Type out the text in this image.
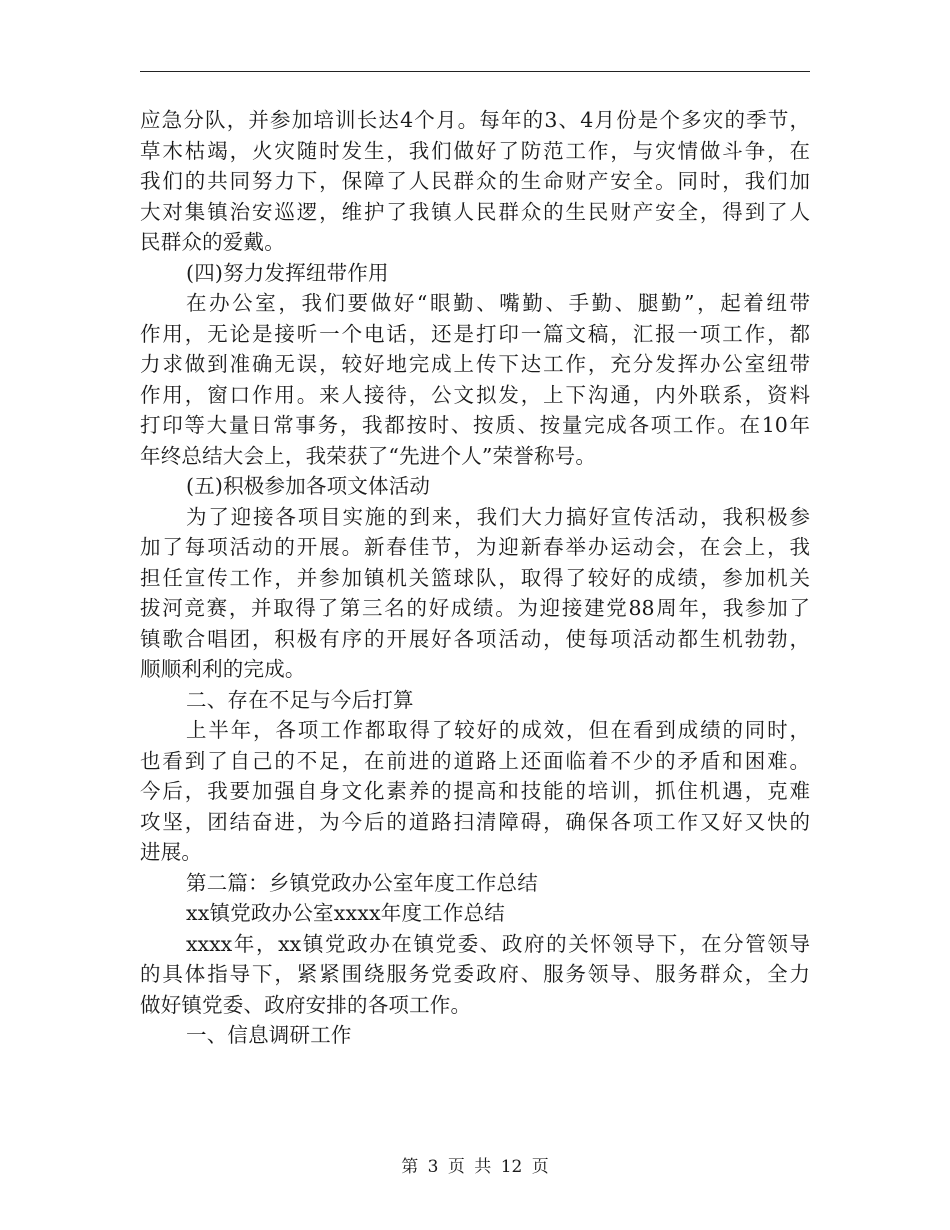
应急分队，并参加培训长达4个月。每年的3、4月份是个多灾的季节，
草木枯竭，火灾随时发生，我们做好了防范工作，与灾情做斗争，在
我们的共同努力下，保障了人民群众的生命财产安全。同时，我们加
大对集镇治安巡逻，维护了我镇人民群众的生民财产安全，得到了人
民群众的爱戴。
(四)努力发挥纽带作用
在办公室，我们要做好“眼勤、嘴勤、手勤、腿勤”，起着纽带
作用，无论是接听一个电话，还是打印一篇文稿，汇报一项工作，都
力求做到准确无误，较好地完成上传下达工作，充分发挥办公室纽带
作用，窗口作用。来人接待，公文拟发，上下沟通，内外联系，资料
打印等大量日常事务，我都按时、按质、按量完成各项工作。在10年
年终总结大会上，我荣获了“先进个人”荣誉称号。
(五)积极参加各项文体活动
为了迎接各项目实施的到来，我们大力搞好宣传活动，我积极参
加了每项活动的开展。新春佳节，为迎新春举办运动会，在会上，我
担任宣传工作，并参加镇机关篮球队，取得了较好的成绩，参加机关
拔河竞赛，并取得了第三名的好成绩。为迎接建党88周年，我参加了
镇歌合唱团，积极有序的开展好各项活动，使每项活动都生机勃勃，
顺顺利利的完成。
二、存在不足与今后打算
上半年，各项工作都取得了较好的成效，但在看到成绩的同时，
也看到了自己的不足，在前进的道路上还面临着不少的矛盾和困难。
今后，我要加强自身文化素养的提高和技能的培训，抓住机遇，克难
攻坚，团结奋进，为今后的道路扫清障碍，确保各项工作又好又快的
进展。
第二篇：乡镇党政办公室年度工作总结
xx镇党政办公室xxxx年度工作总结
xxxx年，xx镇党政办在镇党委、政府的关怀领导下，在分管领导
的具体指导下，紧紧围绕服务党委政府、服务领导、服务群众，全力
做好镇党委、政府安排的各项工作。
一、信息调研工作
第 3 页 共 12 页
